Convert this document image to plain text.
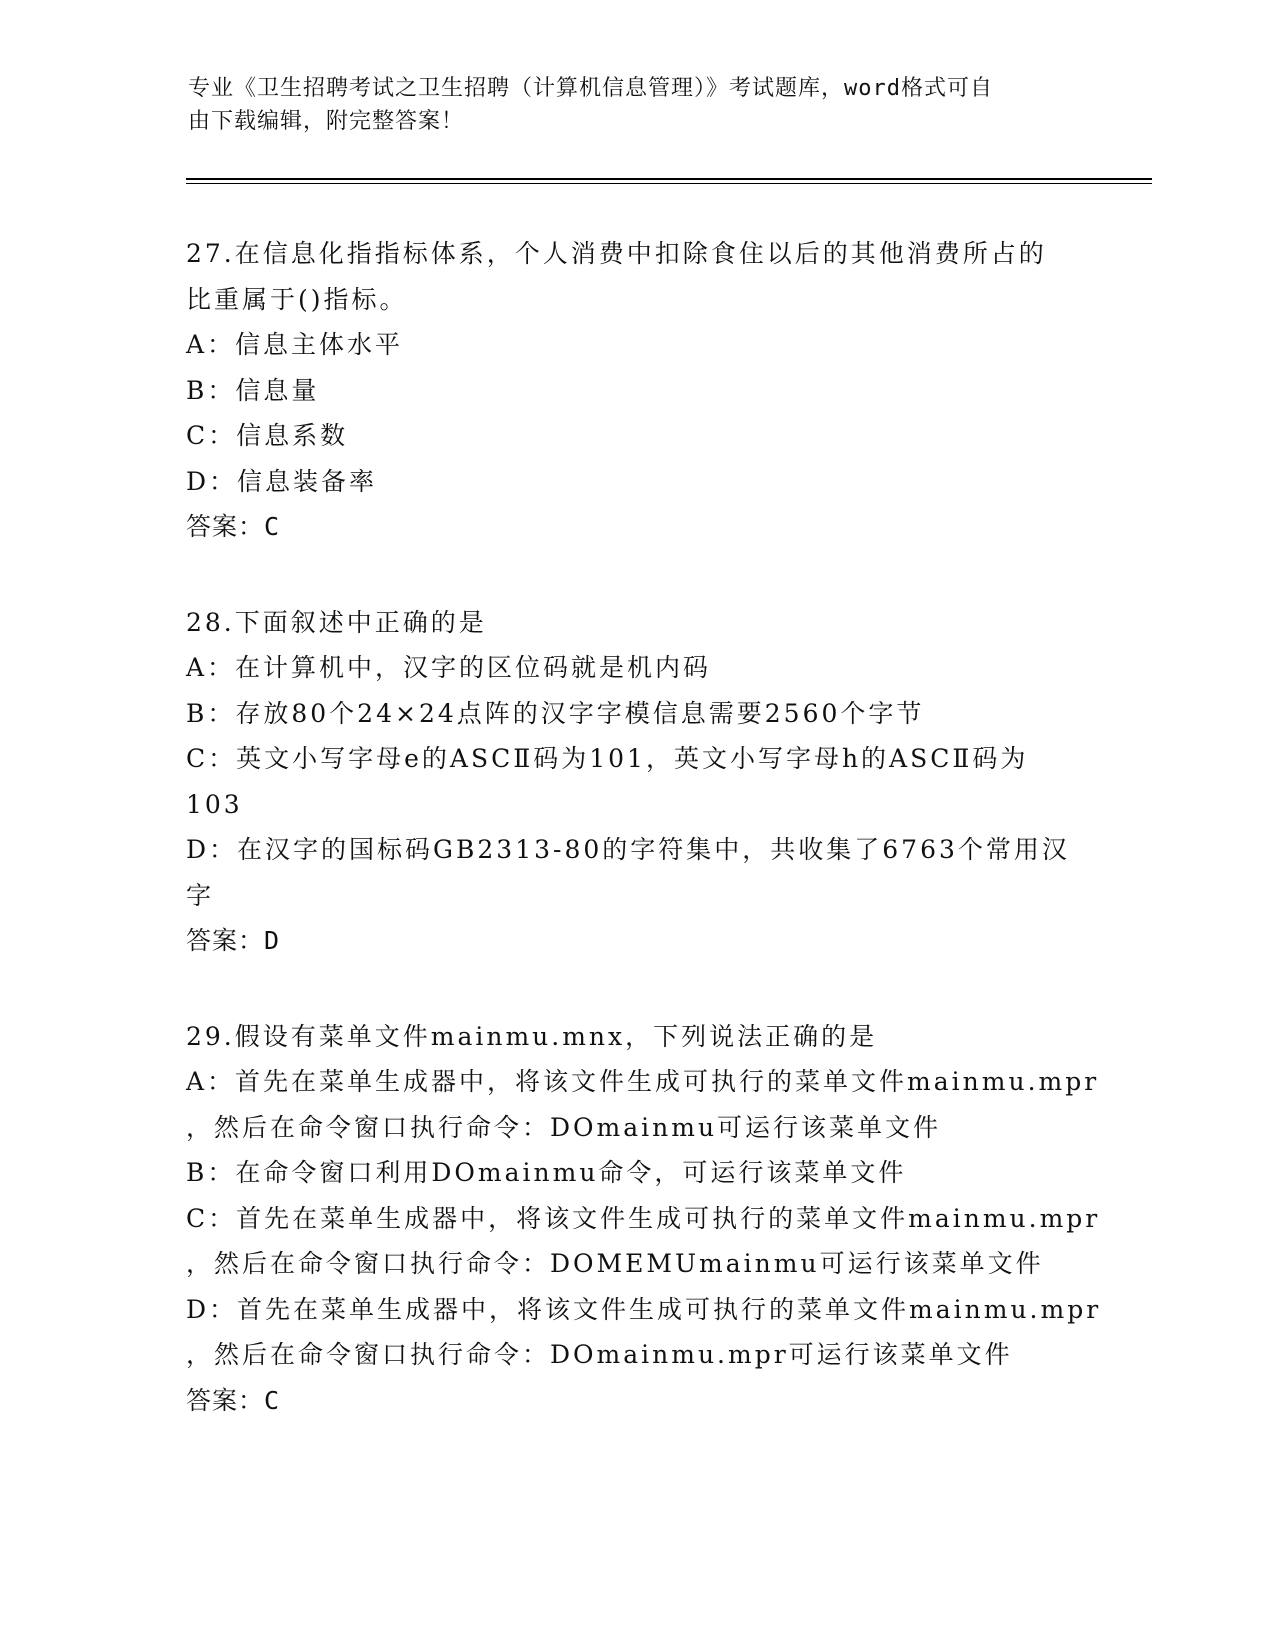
专业《卫生招聘考试之卫生招聘（计算机信息管理）》考试题库，word格式可自
由下载编辑，附完整答案！
27.在信息化指指标体系，个人消费中扣除食住以后的其他消费所占的
比重属于()指标。
A：信息主体水平
B：信息量
C：信息系数
D：信息装备率
答案：C
28.下面叙述中正确的是
A：在计算机中，汉字的区位码就是机内码
B：存放80个24×24点阵的汉字字模信息需要2560个字节
C：英文小写字母e的ASCⅡ码为101，英文小写字母h的ASCⅡ码为
103
D：在汉字的国标码GB2313-80的字符集中，共收集了6763个常用汉
字
答案：D
29.假设有菜单文件mainmu.mnx，下列说法正确的是
A：首先在菜单生成器中，将该文件生成可执行的菜单文件mainmu.mpr
，然后在命令窗口执行命令：DOmainmu可运行该菜单文件
B：在命令窗口利用DOmainmu命令，可运行该菜单文件
C：首先在菜单生成器中，将该文件生成可执行的菜单文件mainmu.mpr
，然后在命令窗口执行命令：DOMEMUmainmu可运行该菜单文件
D：首先在菜单生成器中，将该文件生成可执行的菜单文件mainmu.mpr
，然后在命令窗口执行命令：DOmainmu.mpr可运行该菜单文件
答案：C
